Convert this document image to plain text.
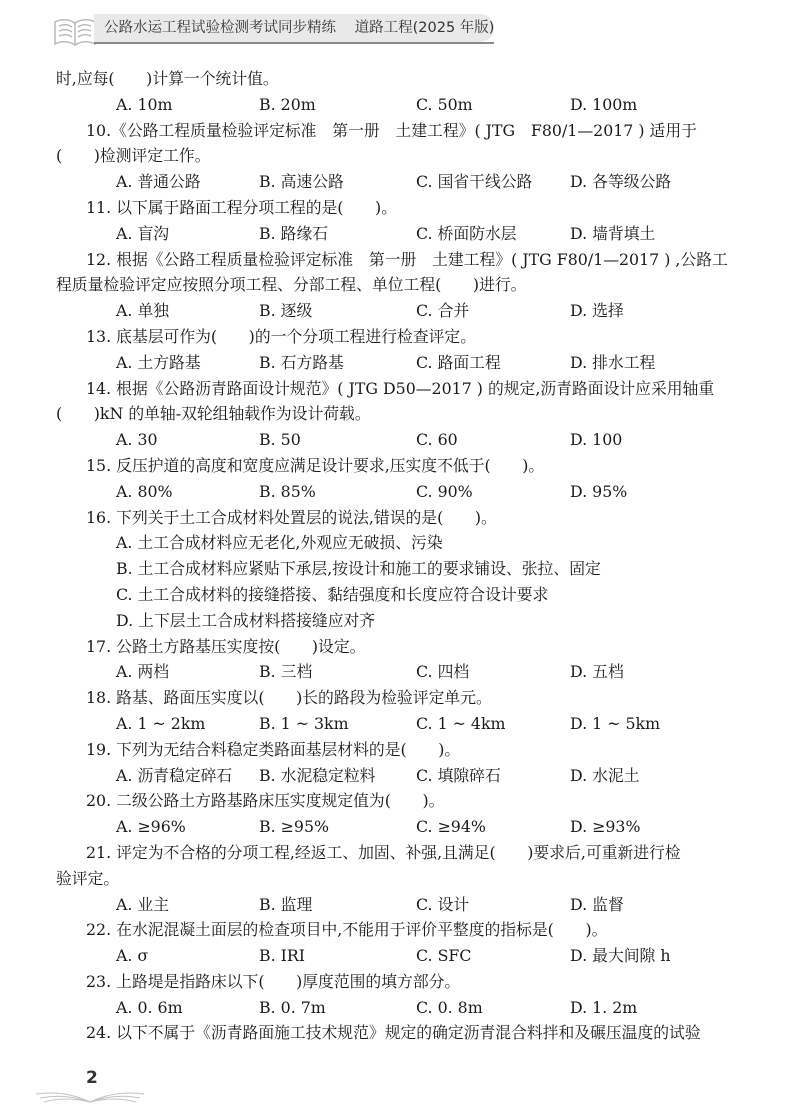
公路水运工程试验检测考试同步精练 道路工程(2025 年版)
时,应每(　　)计算一个统计值。
A. 10m	B. 20m	C. 50m	D. 100m
10.《公路工程质量检验评定标准　第一册　土建工程》( JTG　F80/1—2017 ) 适用于
(　　)检测评定工作。
A. 普通公路	B. 高速公路	C. 国省干线公路 D. 各等级公路
11. 以下属于路面工程分项工程的是(　　)。
A. 盲沟	B. 路缘石	C. 桥面防水层	D. 墙背填土
12. 根据《公路工程质量检验评定标准　第一册　土建工程》( JTG F80/1—2017 ) ,公路工
程质量检验评定应按照分项工程、分部工程、单位工程(　　)进行。
A. 单独	B. 逐级	C. 合并	D. 选择
13. 底基层可作为(　　)的一个分项工程进行检查评定。
A. 土方路基	B. 石方路基	C. 路面工程	D. 排水工程
14. 根据《公路沥青路面设计规范》( JTG D50—2017 ) 的规定,沥青路面设计应采用轴重
(　　)kN 的单轴-双轮组轴载作为设计荷载。
A. 30	B. 50	C. 60	D. 100
15. 反压护道的高度和宽度应满足设计要求,压实度不低于(　　)。
A. 80%	B. 85%	C. 90%	D. 95%
16. 下列关于土工合成材料处置层的说法,错误的是(　　)。
A. 土工合成材料应无老化,外观应无破损、污染
B. 土工合成材料应紧贴下承层,按设计和施工的要求铺设、张拉、固定
C. 土工合成材料的接缝搭接、黏结强度和长度应符合设计要求
D. 上下层土工合成材料搭接缝应对齐
17. 公路土方路基压实度按(　　)设定。
A. 两档	B. 三档	C. 四档	D. 五档
18. 路基、路面压实度以(　　)长的路段为检验评定单元。
A. 1 ~ 2km	B. 1 ~ 3km	C. 1 ~ 4km	D. 1 ~ 5km
19. 下列为无结合料稳定类路面基层材料的是(　　)。
A. 沥青稳定碎石 B. 水泥稳定粒料	C. 填隙碎石	D. 水泥土
20. 二级公路土方路基路床压实度规定值为(　　)。
A. ≥96%	B. ≥95%	C. ≥94%	D. ≥93%
21. 评定为不合格的分项工程,经返工、加固、补强,且满足(　　)要求后,可重新进行检
验评定。
A. 业主	B. 监理	C. 设计	D. 监督
22. 在水泥混凝土面层的检查项目中,不能用于评价平整度的指标是(　　)。
A. σ	B. IRI	C. SFC	D. 最大间隙 h
23. 上路堤是指路床以下(　　)厚度范围的填方部分。
A. 0. 6m	B. 0. 7m	C. 0. 8m	D. 1. 2m
24. 以下不属于《沥青路面施工技术规范》规定的确定沥青混合料拌和及碾压温度的试验
2
